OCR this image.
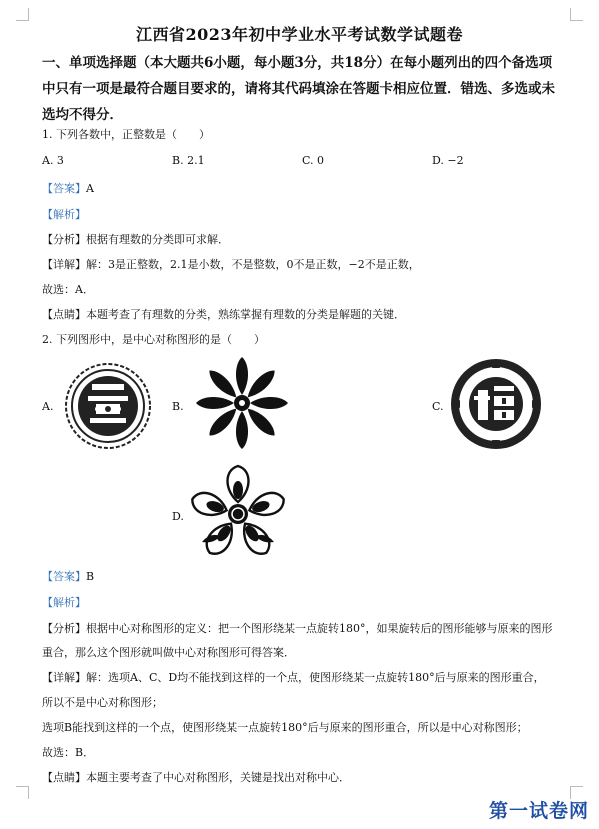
江西省2023年初中学业水平考试数学试题卷
一、单项选择题（本大题共6小题，每小题3分，共18分）在每小题列出的四个备选项中只有一项是最符合题目要求的，请将其代码填涂在答题卡相应位置．错选、多选或未选均不得分．
1. 下列各数中，正整数是（　　）
A. 3	B. 2.1	C. 0	D. −2
【答案】A
【解析】
【分析】根据有理数的分类即可求解．
【详解】解：3是正整数，2.1是小数，不是整数，0不是正数，−2不是正数，
故选：A．
【点睛】本题考查了有理数的分类，熟练掌握有理数的分类是解题的关键．
2. 下列图形中，是中心对称图形的是（　　）
A.	B.	C.
D.
【答案】B
【解析】
【分析】根据中心对称图形的定义：把一个图形绕某一点旋转180°，如果旋转后的图形能够与原来的图形
重合，那么这个图形就叫做中心对称图形可得答案．
【详解】解：选项A、C、D均不能找到这样的一个点，使图形绕某一点旋转180°后与原来的图形重合，
所以不是中心对称图形；
选项B能找到这样的一个点，使图形绕某一点旋转180°后与原来的图形重合，所以是中心对称图形；
故选：B．
【点睛】本题主要考查了中心对称图形，关键是找出对称中心．
第一试卷网
